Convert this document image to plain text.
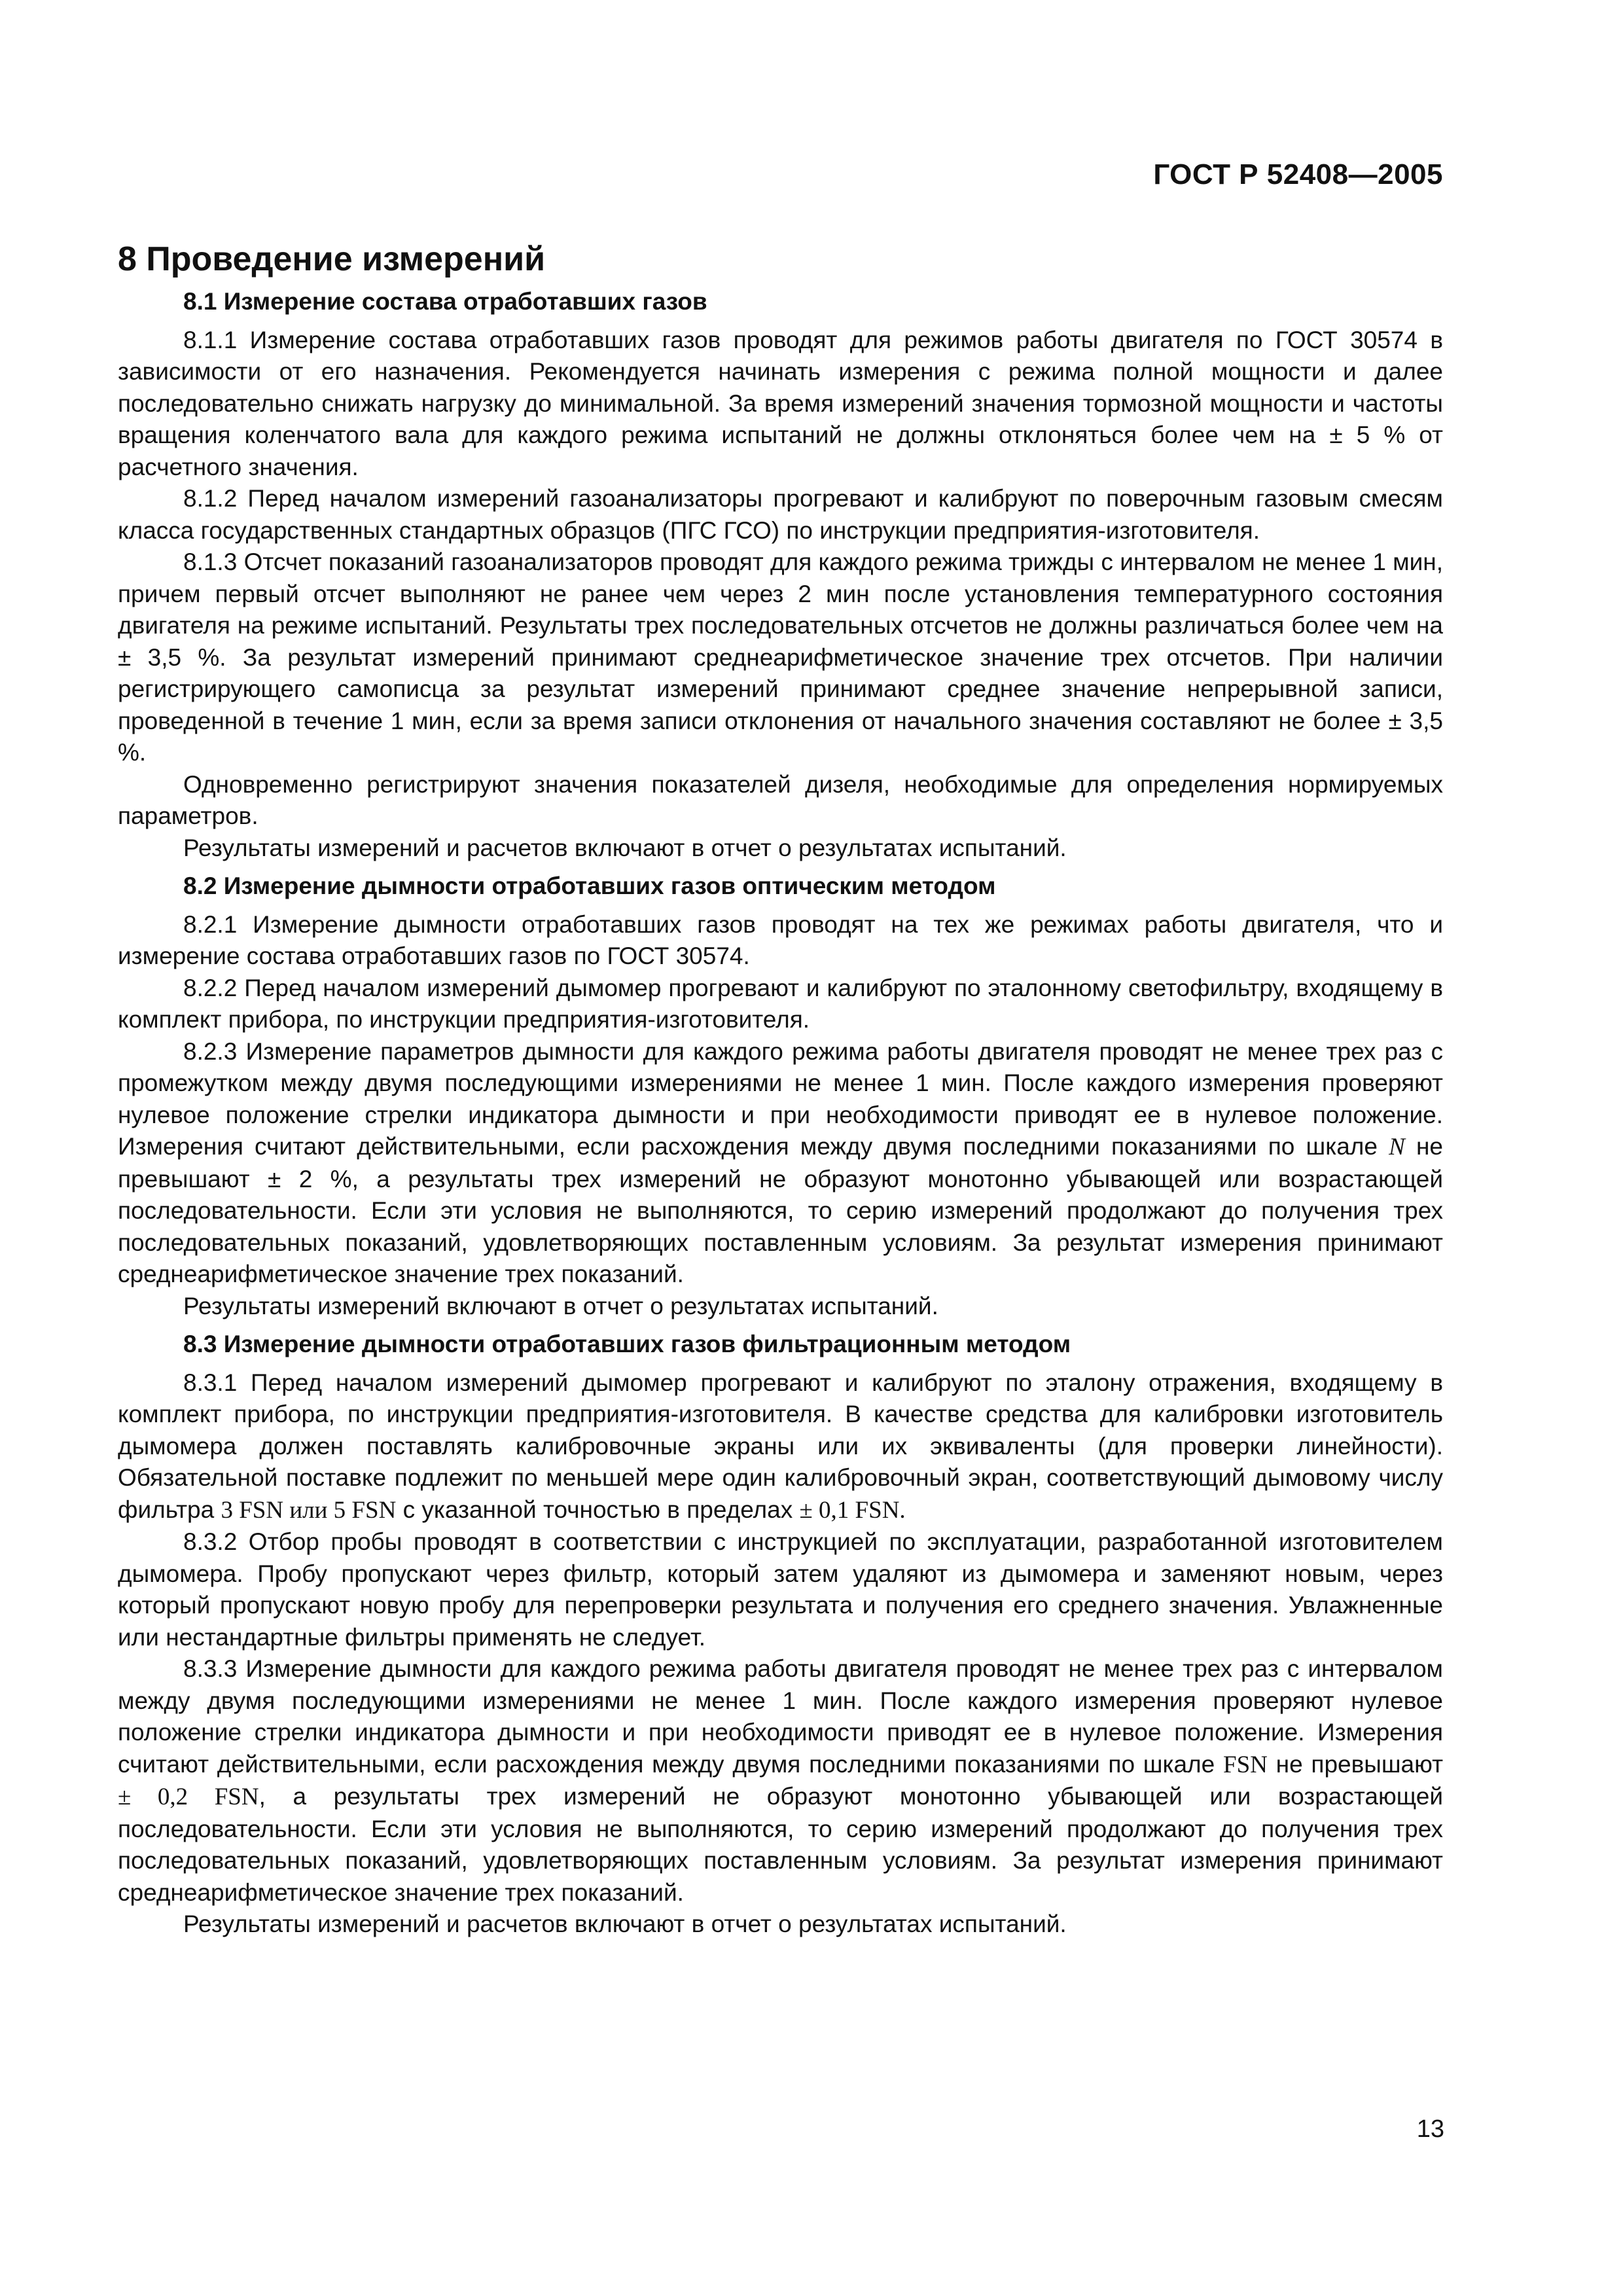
ГОСТ Р 52408—2005

8 Проведение измерений

8.1 Измерение состава отработавших газов

8.1.1 Измерение состава отработавших газов проводят для режимов работы двигателя по ГОСТ 30574 в зависимости от его назначения. Рекомендуется начинать измерения с режима полной мощности и далее последовательно снижать нагрузку до минимальной. За время измерений значения тормозной мощности и частоты вращения коленчатого вала для каждого режима испытаний не должны отклоняться более чем на ± 5 % от расчетного значения.

8.1.2 Перед началом измерений газоанализаторы прогревают и калибруют по поверочным газовым смесям класса государственных стандартных образцов (ПГС ГСО) по инструкции предприятия-изготовителя.

8.1.3 Отсчет показаний газоанализаторов проводят для каждого режима трижды с интервалом не менее 1 мин, причем первый отсчет выполняют не ранее чем через 2 мин после установления температурного состояния двигателя на режиме испытаний. Результаты трех последовательных отсчетов не должны различаться более чем на ± 3,5 %. За результат измерений принимают среднеарифметическое значение трех отсчетов. При наличии регистрирующего самописца за результат измерений принимают среднее значение непрерывной записи, проведенной в течение 1 мин, если за время записи отклонения от начального значения составляют не более ± 3,5 %.

Одновременно регистрируют значения показателей дизеля, необходимые для определения нормируемых параметров.

Результаты измерений и расчетов включают в отчет о результатах испытаний.

8.2 Измерение дымности отработавших газов оптическим методом

8.2.1 Измерение дымности отработавших газов проводят на тех же режимах работы двигателя, что и измерение состава отработавших газов по ГОСТ 30574.

8.2.2 Перед началом измерений дымомер прогревают и калибруют по эталонному светофильтру, входящему в комплект прибора, по инструкции предприятия-изготовителя.

8.2.3 Измерение параметров дымности для каждого режима работы двигателя проводят не менее трех раз с промежутком между двумя последующими измерениями не менее 1 мин. После каждого измерения проверяют нулевое положение стрелки индикатора дымности и при необходимости приводят ее в нулевое положение. Измерения считают действительными, если расхождения между двумя последними показаниями по шкале N не превышают ± 2 %, а результаты трех измерений не образуют монотонно убывающей или возрастающей последовательности. Если эти условия не выполняются, то серию измерений продолжают до получения трех последовательных показаний, удовлетворяющих поставленным условиям. За результат измерения принимают среднеарифметическое значение трех показаний.

Результаты измерений включают в отчет о результатах испытаний.

8.3 Измерение дымности отработавших газов фильтрационным методом

8.3.1 Перед началом измерений дымомер прогревают и калибруют по эталону отражения, входящему в комплект прибора, по инструкции предприятия-изготовителя. В качестве средства для калибровки изготовитель дымомера должен поставлять калибровочные экраны или их эквиваленты (для проверки линейности). Обязательной поставке подлежит по меньшей мере один калибровочный экран, соответствующий дымовому числу фильтра 3 FSN или 5 FSN с указанной точностью в пределах ± 0,1 FSN.

8.3.2 Отбор пробы проводят в соответствии с инструкцией по эксплуатации, разработанной изготовителем дымомера. Пробу пропускают через фильтр, который затем удаляют из дымомера и заменяют новым, через который пропускают новую пробу для перепроверки результата и получения его среднего значения. Увлажненные или нестандартные фильтры применять не следует.

8.3.3 Измерение дымности для каждого режима работы двигателя проводят не менее трех раз с интервалом между двумя последующими измерениями не менее 1 мин. После каждого измерения проверяют нулевое положение стрелки индикатора дымности и при необходимости приводят ее в нулевое положение. Измерения считают действительными, если расхождения между двумя последними показаниями по шкале FSN не превышают ± 0,2 FSN, а результаты трех измерений не образуют монотонно убывающей или возрастающей последовательности. Если эти условия не выполняются, то серию измерений продолжают до получения трех последовательных показаний, удовлетворяющих поставленным условиям. За результат измерения принимают среднеарифметическое значение трех показаний.

Результаты измерений и расчетов включают в отчет о результатах испытаний.

13
